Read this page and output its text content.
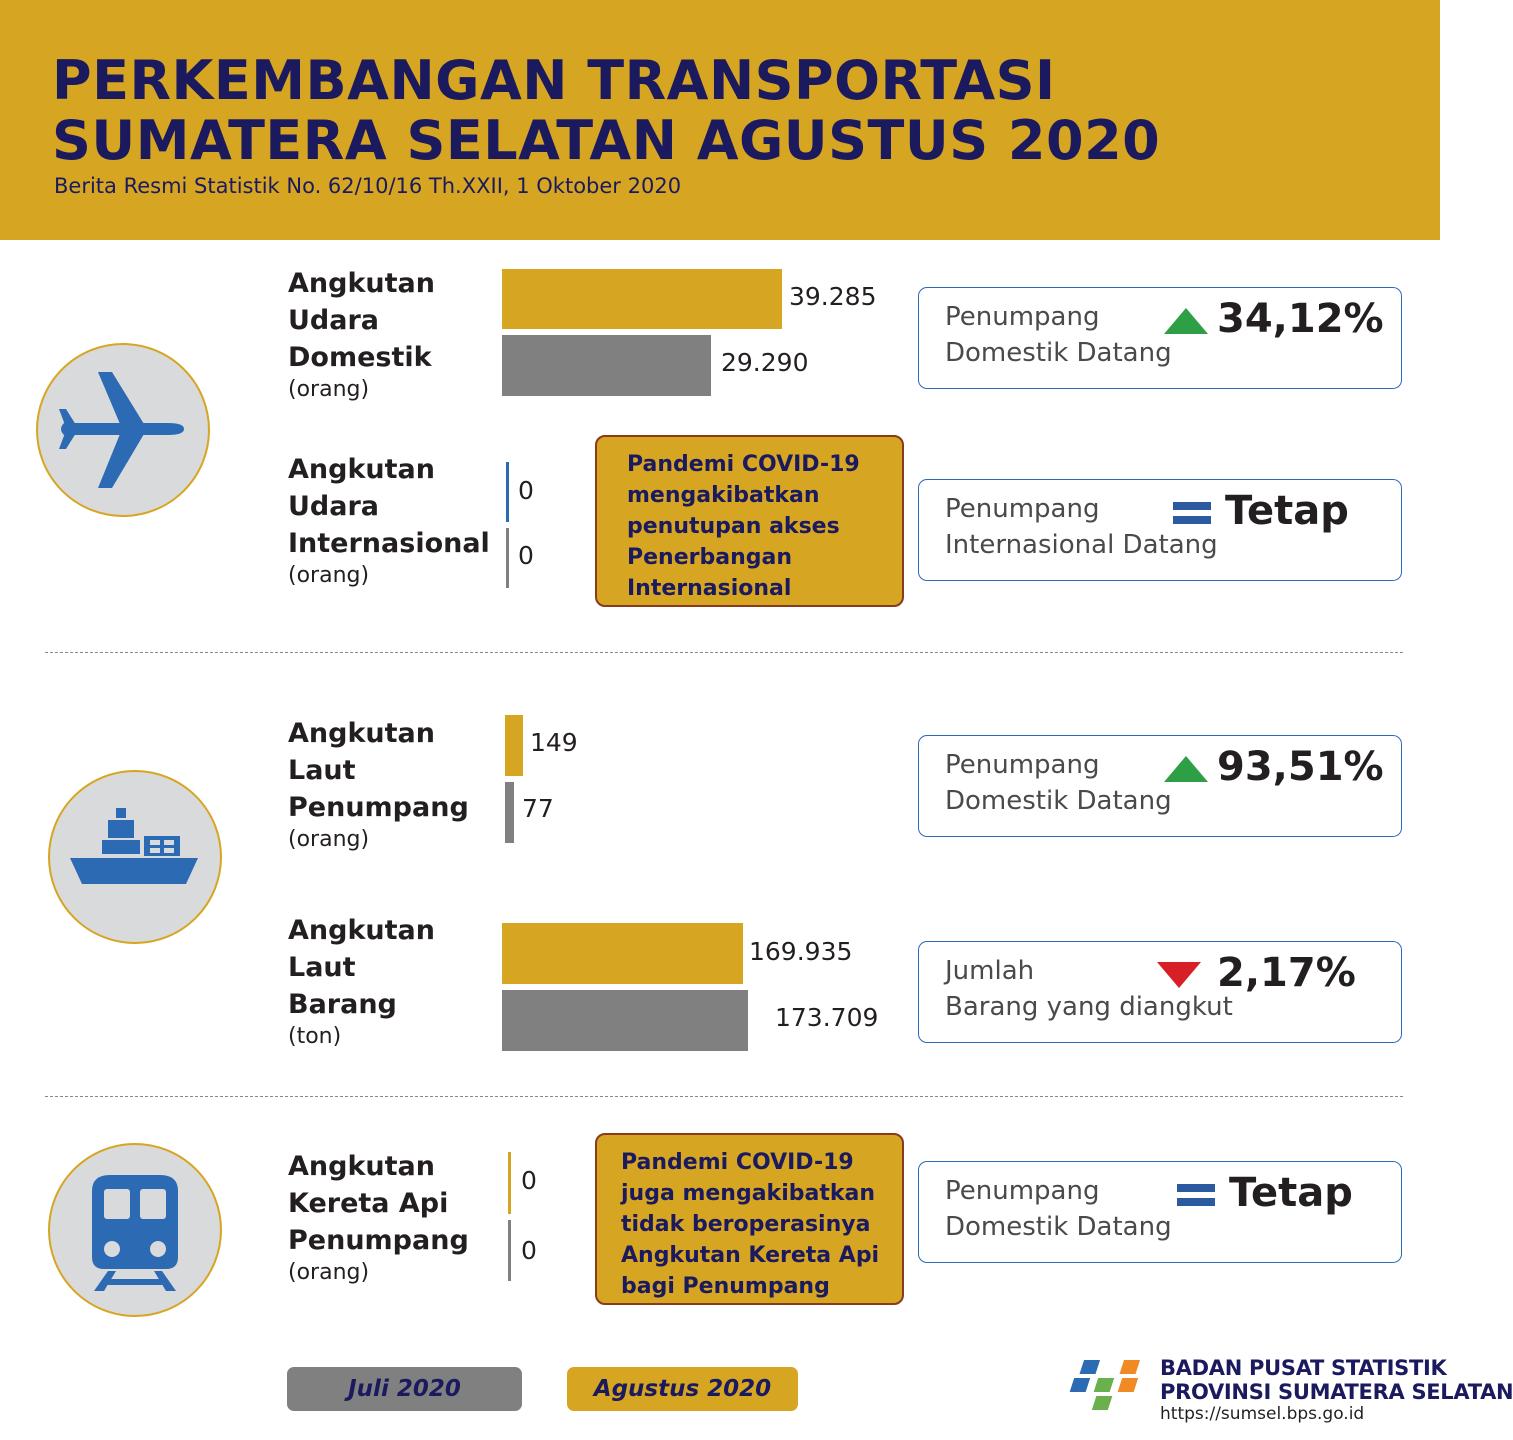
PERKEMBANGAN TRANSPORTASI
SUMATERA SELATAN AGUSTUS 2020
Berita Resmi Statistik No. 62/10/16 Th.XXII, 1 Oktober 2020
Angkutan
Udara
Domestik
(orang)
Angkutan
Udara
Internasional
(orang)
Angkutan
Laut
Penumpang
(orang)
Angkutan
Laut
Barang
(ton)
Angkutan
Kereta Api
Penumpang
(orang)
39.285
29.290
0
0
149
77
169.935
173.709
0
0
Pandemi COVID-19
mengakibatkan
penutupan akses
Penerbangan
Internasional
Pandemi COVID-19
juga mengakibatkan
tidak beroperasinya
Angkutan Kereta Api
bagi Penumpang
Penumpang
Domestik Datang
34,12%
Penumpang
Internasional Datang
Tetap
Penumpang
Domestik Datang
93,51%
Jumlah
Barang yang diangkut
2,17%
Penumpang
Domestik Datang
Tetap
Juli 2020	Agustus 2020
BADAN PUSAT STATISTIK
PROVINSI SUMATERA SELATAN
https://sumsel.bps.go.id
